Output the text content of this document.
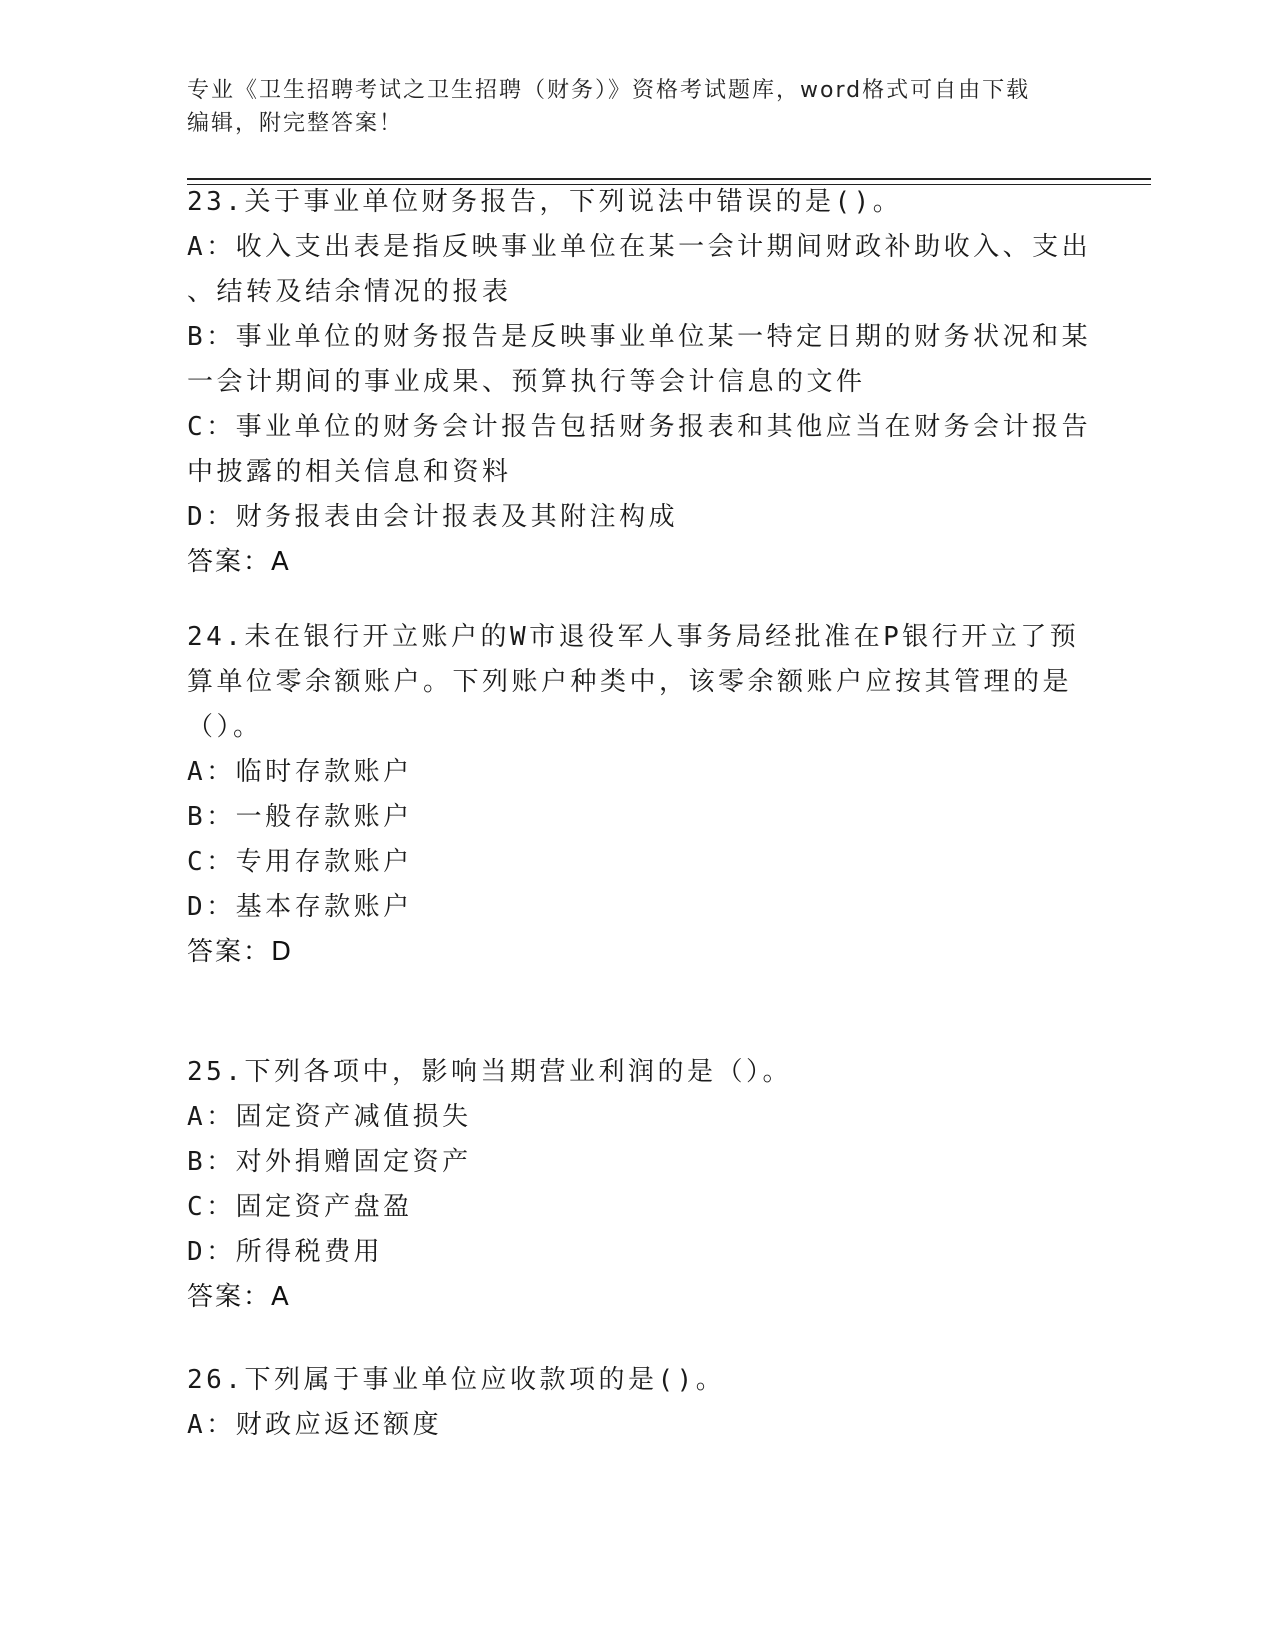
专业《卫生招聘考试之卫生招聘（财务）》资格考试题库，word格式可自由下载
编辑，附完整答案！
23.关于事业单位财务报告，下列说法中错误的是()。
A：收入支出表是指反映事业单位在某一会计期间财政补助收入、支出
、结转及结余情况的报表
B：事业单位的财务报告是反映事业单位某一特定日期的财务状况和某
一会计期间的事业成果、预算执行等会计信息的文件
C：事业单位的财务会计报告包括财务报表和其他应当在财务会计报告
中披露的相关信息和资料
D：财务报表由会计报表及其附注构成
答案：A
24.未在银行开立账户的W市退役军人事务局经批准在P银行开立了预
算单位零余额账户。下列账户种类中，该零余额账户应按其管理的是
（）。
A：临时存款账户
B：一般存款账户
C：专用存款账户
D：基本存款账户
答案：D
25.下列各项中，影响当期营业利润的是（）。
A：固定资产减值损失
B：对外捐赠固定资产
C：固定资产盘盈
D：所得税费用
答案：A
26.下列属于事业单位应收款项的是()。
A：财政应返还额度
